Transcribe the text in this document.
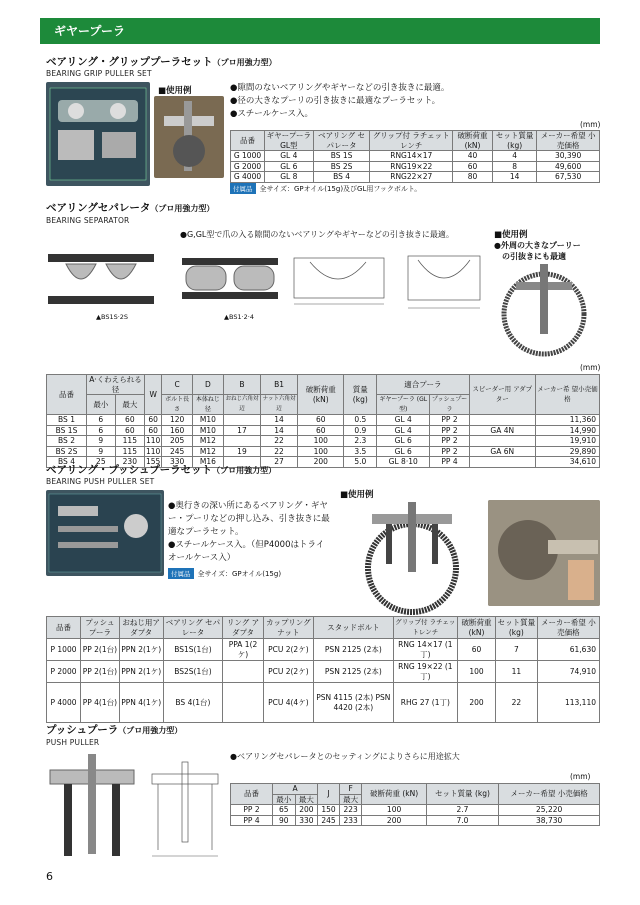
ギヤープーラ
ベアリング・グリッププーラセット（プロ用強力型）
BEARING GRIP PULLER SET
■使用例	●隙間のないベアリングやギヤーなどの引き抜きに最適。
●径の大きなプーリの引き抜きに最適なプーラセット。
●スチールケース入。
(mm)
品番	ギヤープーラ GL型	ベアリング セパレータ	グリップ付 ラチェットレンチ	破断荷重 (kN)	セット質量 (kg)	メーカー希望 小売価格
G 1000	GL 4	BS 1S	RNG14×17	40	4	30,390
G 2000	GL 6	BS 2S	RNG19×22	60	8	49,600
G 4000	GL 8	BS 4	RNG22×27	80	14	67,530
付属品 全サイズ：GPオイル(15g)及びGL用フックボルト。
ベアリングセパレータ（プロ用強力型）
BEARING SEPARATOR
●G,GL型で爪の入る隙間のないベアリングやギヤーなどの引き抜きに最適。
▲BS1S·2S	▲BS1·2·4
■使用例
●外周の大きなプーリー
の引抜きにも最適
(mm)
品番	A·くわえられる径		W	C	D	B	B1	破断荷重 (kN)	質量 (kg)	適合プーラ		スピーダー用 アダプター	メーカー希 望小売価格
	最小	最大		ボルト長さ	本体ねじ径	おねじ六角対辺	ナット六角対辺			ギヤープーラ (GL型)	プッシュプーラ		
BS 1	6	60	60	120	M10		14	60	0.5	GL 4	PP 2		11,360
BS 1S	6	60	60	160	M10	17	14	60	0.9	GL 4	PP 2	GA 4N	14,990
BS 2	9	115	110	205	M12		22	100	2.3	GL 6	PP 2		19,910
BS 2S	9	115	110	245	M12	19	22	100	3.5	GL 6	PP 2	GA 6N	29,890
BS 4	25	230	155	330	M16		27	200	5.0	GL 8·10	PP 4		34,610
ベアリング・プッシュプーラセット（プロ用強力型）
BEARING PUSH PULLER SET
●奥行きの深い所にあるベアリング・ギヤ
ー・プーリなどの押し込み、引き抜きに最
適なプーラセット。
●スチールケース入。（但P4000はトライ
オールケース入）
付属品 全サイズ：GPオイル(15g)
■使用例
品番	プッシュプーラ	おねじ用アダプタ	ベアリング セパレータ	リング アダプタ	カップリング ナット	スタッドボルト	グリップ付 ラチェットレンチ	破断荷重 (kN)	セット質量 (kg)	メーカー希望 小売価格
P 1000	PP 2(1台)	PPN 2(1ケ)	BS1S(1台)	PPA 1(2ケ)	PCU 2(2ケ)	PSN 2125 (2本)	RNG 14×17 (1丁)	60	7	61,630
P 2000	PP 2(1台)	PPN 2(1ケ)	BS2S(1台)		PCU 2(2ケ)	PSN 2125 (2本)	RNG 19×22 (1丁)	100	11	74,910
P 4000	PP 4(1台)	PPN 4(1ケ)	BS 4(1台)		PCU 4(4ケ)	PSN 4115 (2本) PSN 4420 (2本)	RHG 27 (1丁)	200	22	113,110
プッシュプーラ（プロ用強力型）
PUSH PULLER
●ベアリングセパレータとのセッティングによりさらに用途拡大
(mm)
品番	A		J	F	破断荷重 (kN)	セット質量 (kg)	メーカー希望 小売価格
	最小	最大		最大			
PP 2	65	200	150	223	100	2.7	25,220
PP 4	90	330	245	233	200	7.0	38,730
6
